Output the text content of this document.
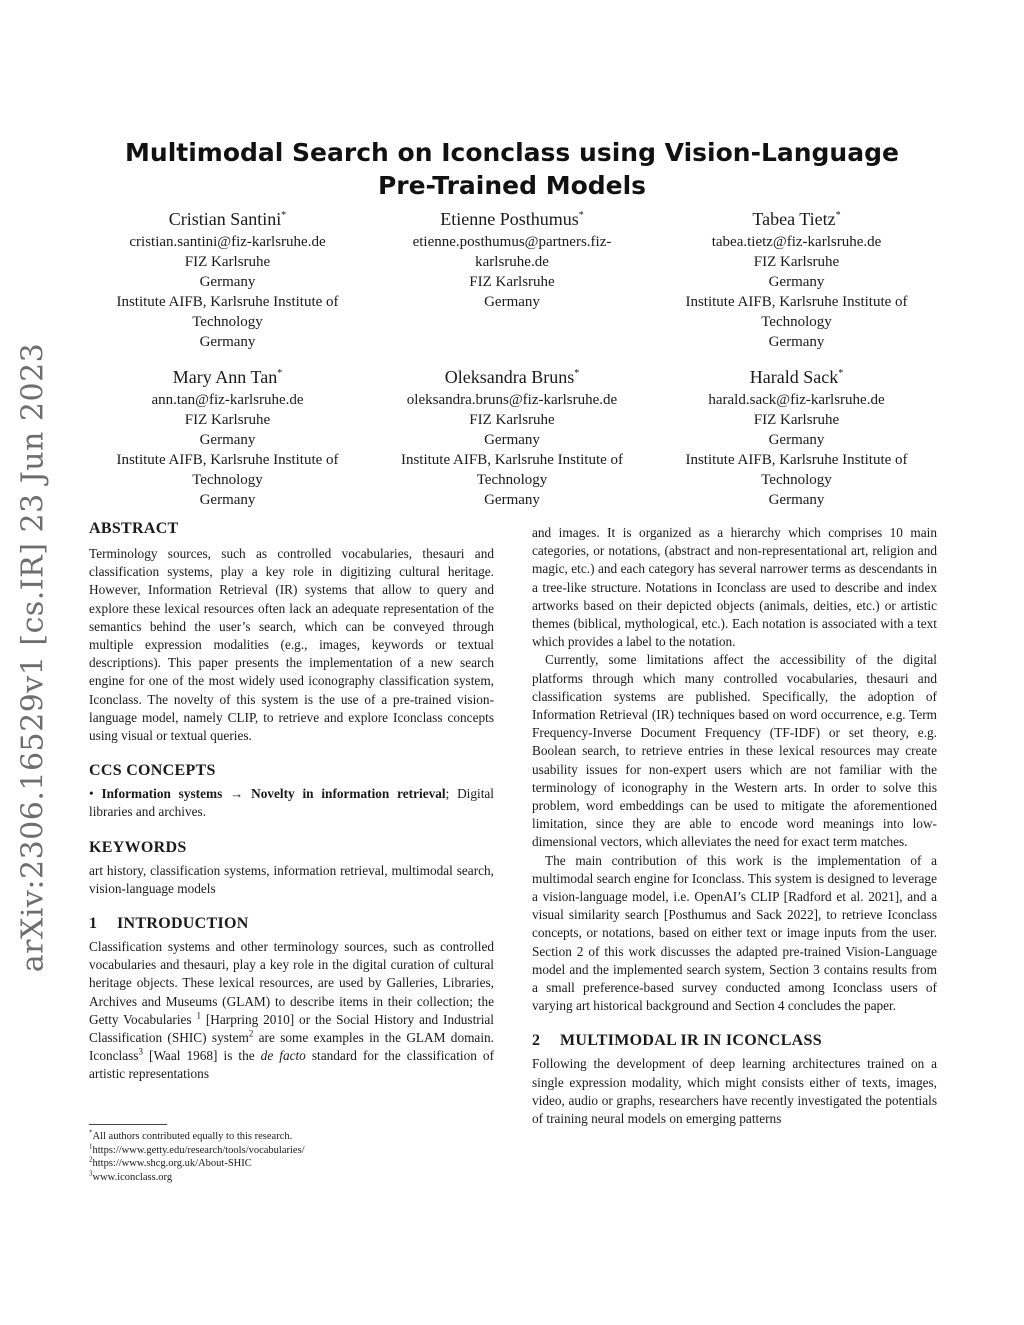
arXiv:2306.16529v1 [cs.IR] 23 Jun 2023
Multimodal Search on Iconclass using Vision-Language
Pre-Trained Models
Cristian Santini*
cristian.santini@fiz-karlsruhe.de
FIZ Karlsruhe
Germany
Institute AIFB, Karlsruhe Institute of
Technology
Germany
Etienne Posthumus*
etienne.posthumus@partners.fiz-
karlsruhe.de
FIZ Karlsruhe
Germany
Tabea Tietz*
tabea.tietz@fiz-karlsruhe.de
FIZ Karlsruhe
Germany
Institute AIFB, Karlsruhe Institute of
Technology
Germany
Mary Ann Tan*
ann.tan@fiz-karlsruhe.de
FIZ Karlsruhe
Germany
Institute AIFB, Karlsruhe Institute of
Technology
Germany
Oleksandra Bruns*
oleksandra.bruns@fiz-karlsruhe.de
FIZ Karlsruhe
Germany
Institute AIFB, Karlsruhe Institute of
Technology
Germany
Harald Sack*
harald.sack@fiz-karlsruhe.de
FIZ Karlsruhe
Germany
Institute AIFB, Karlsruhe Institute of
Technology
Germany
ABSTRACT

Terminology sources, such as controlled vocabularies, thesauri and classification systems, play a key role in digitizing cultural heritage. However, Information Retrieval (IR) systems that allow to query and explore these lexical resources often lack an adequate representation of the semantics behind the user’s search, which can be conveyed through multiple expression modalities (e.g., images, keywords or textual descriptions). This paper presents the implementation of a new search engine for one of the most widely used iconography classification system, Iconclass. The novelty of this system is the use of a pre-trained vision-language model, namely CLIP, to retrieve and explore Iconclass concepts using visual or textual queries.

CCS CONCEPTS

• Information systems → Novelty in information retrieval; Digital libraries and archives.

KEYWORDS

art history, classification systems, information retrieval, multimodal search, vision-language models

1	INTRODUCTION

Classification systems and other terminology sources, such as controlled vocabularies and thesauri, play a key role in the digital curation of cultural heritage objects. These lexical resources, are used by Galleries, Libraries, Archives and Museums (GLAM) to describe items in their collection; the Getty Vocabularies $^1$ [Harpring 2010] or the Social History and Industrial Classification (SHIC) system$^2$ are some examples in the GLAM domain. Iconclass$^3$ [Waal 1968] is the de facto standard for the classification of artistic representations

*All authors contributed equally to this research.
$^1$https://www.getty.edu/research/tools/vocabularies/
$^2$https://www.shcg.org.uk/About-SHIC
$^3$www.iconclass.org

and images. It is organized as a hierarchy which comprises 10 main categories, or notations, (abstract and non-representational art, religion and magic, etc.) and each category has several narrower terms as descendants in a tree-like structure. Notations in Iconclass are used to describe and index artworks based on their depicted objects (animals, deities, etc.) or artistic themes (biblical, mythological, etc.). Each notation is associated with a text which provides a label to the notation.

Currently, some limitations affect the accessibility of the digital platforms through which many controlled vocabularies, thesauri and classification systems are published. Specifically, the adoption of Information Retrieval (IR) techniques based on word occurrence, e.g. Term Frequency-Inverse Document Frequency (TF-IDF) or set theory, e.g. Boolean search, to retrieve entries in these lexical resources may create usability issues for non-expert users which are not familiar with the terminology of iconography in the Western arts. In order to solve this problem, word embeddings can be used to mitigate the aforementioned limitation, since they are able to encode word meanings into low-dimensional vectors, which alleviates the need for exact term matches.

The main contribution of this work is the implementation of a multimodal search engine for Iconclass. This system is designed to leverage a vision-language model, i.e. OpenAI’s CLIP [Radford et al. 2021], and a visual similarity search [Posthumus and Sack 2022], to retrieve Iconclass concepts, or notations, based on either text or image inputs from the user. Section 2 of this work discusses the adapted pre-trained Vision-Language model and the implemented search system, Section 3 contains results from a small preference-based survey conducted among Iconclass users of varying art historical background and Section 4 concludes the paper.

2	MULTIMODAL IR IN ICONCLASS

Following the development of deep learning architectures trained on a single expression modality, which might consists either of texts, images, video, audio or graphs, researchers have recently investigated the potentials of training neural models on emerging patterns
